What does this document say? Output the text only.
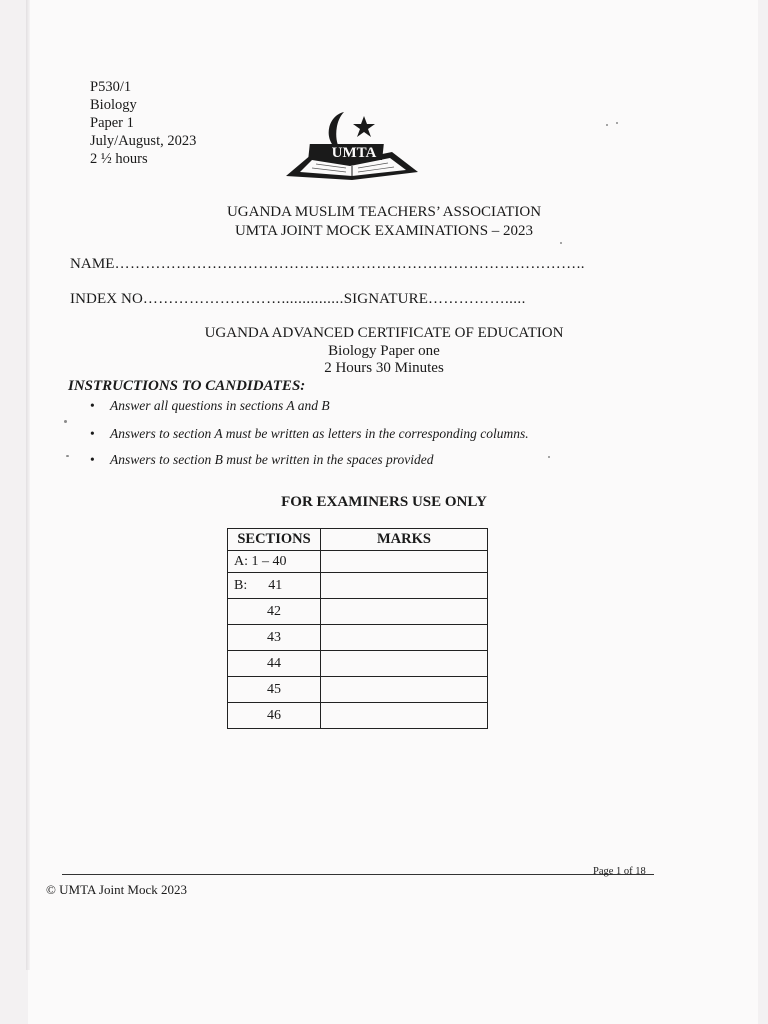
P530/1
Biology
Paper 1
July/August, 2023
2 ½ hours	UMTA
UGANDA MUSLIM TEACHERS’ ASSOCIATION
UMTA JOINT MOCK EXAMINATIONS – 2023
NAME………………………………………………………………………………..
INDEX NO………………………...............SIGNATURE…………….....
UGANDA ADVANCED CERTIFICATE OF EDUCATION
Biology Paper one
2 Hours 30 Minutes
INSTRUCTIONS TO CANDIDATES:
• Answer all questions in sections A and B
• Answers to section A must be written as letters in the corresponding columns.
• Answers to section B must be written in the spaces provided
FOR EXAMINERS USE ONLY
SECTIONS	MARKS
A: 1 – 40	
B:      41	
42	
43	
44	
45	
46	
Page 1 of 18
© UMTA Joint Mock 2023
